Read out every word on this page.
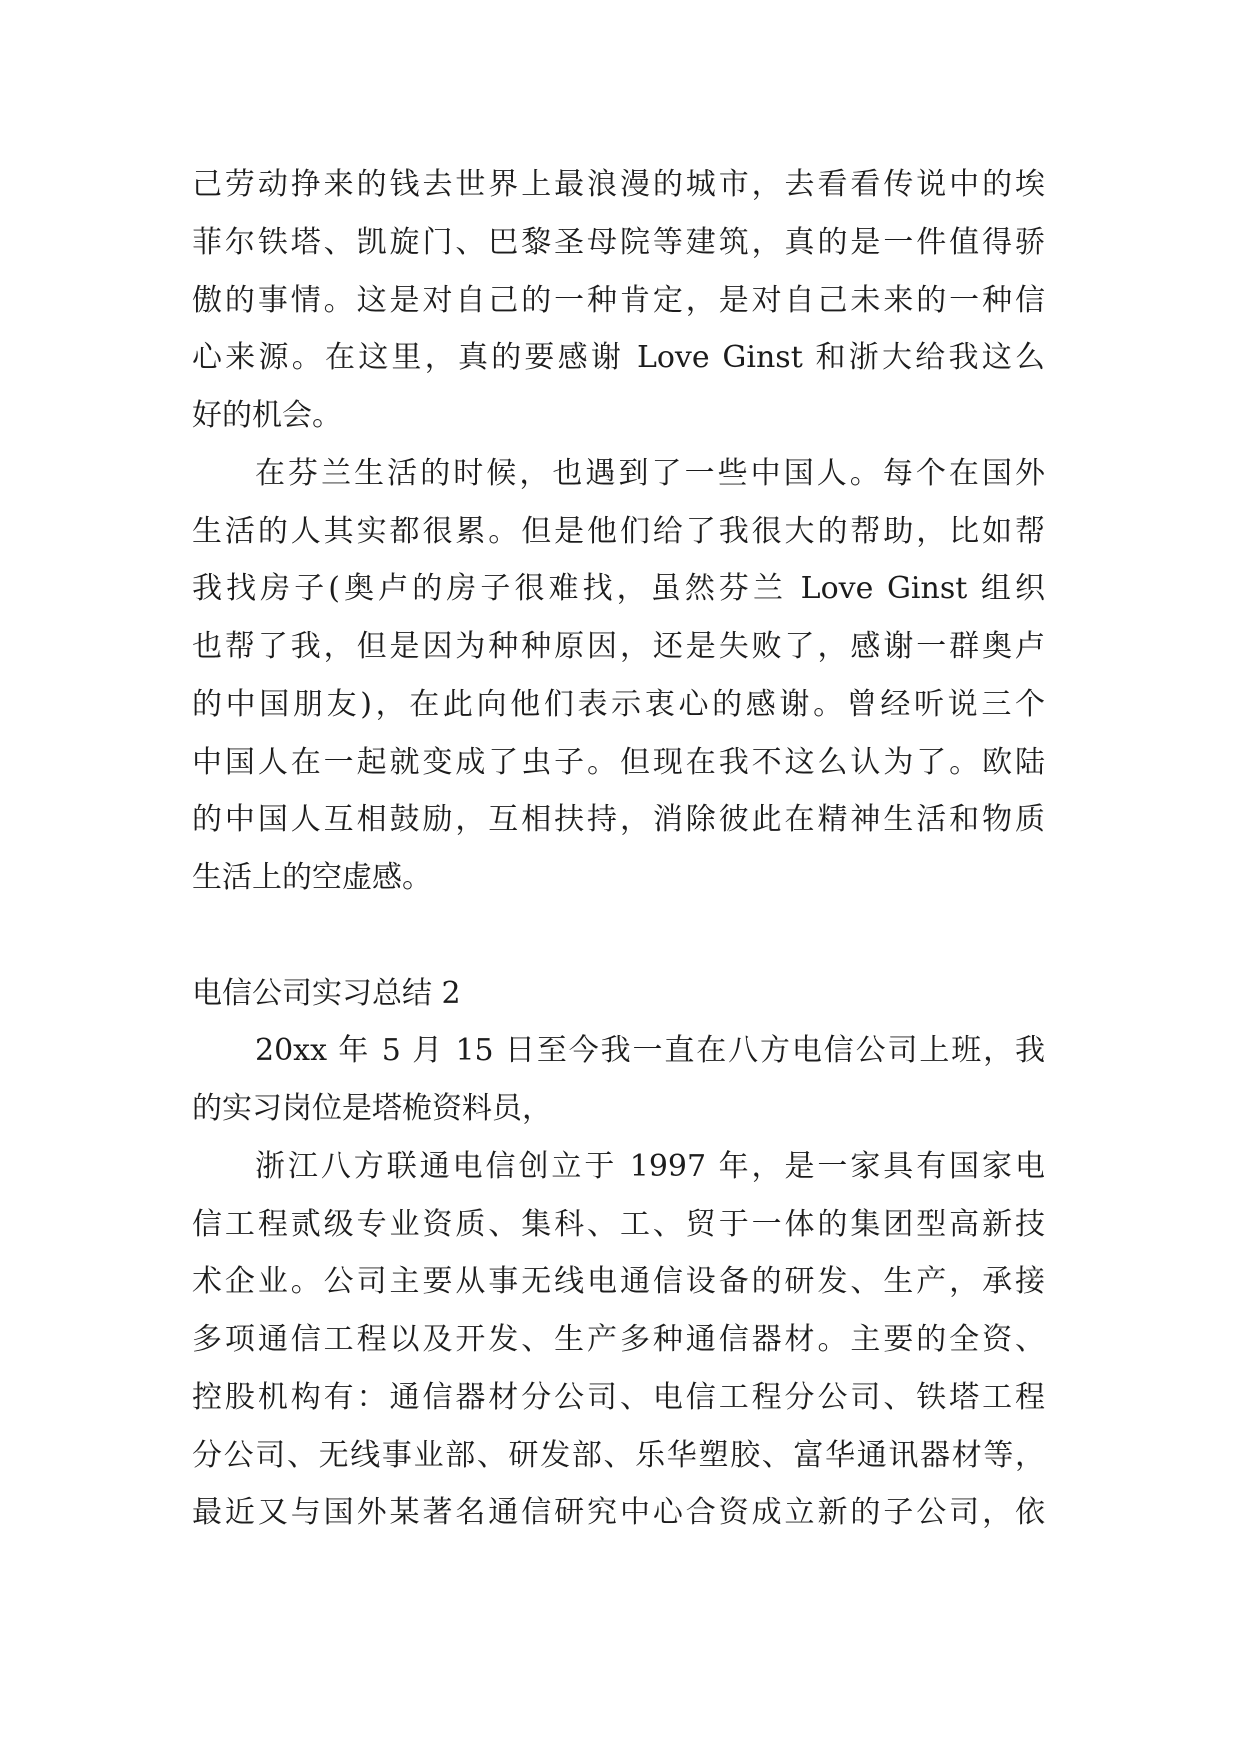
己劳动挣来的钱去世界上最浪漫的城市，去看看传说中的埃
菲尔铁塔、凯旋门、巴黎圣母院等建筑，真的是一件值得骄
傲的事情。这是对自己的一种肯定，是对自己未来的一种信
心来源。在这里，真的要感谢 Love Ginst 和浙大给我这么
好的机会。
在芬兰生活的时候，也遇到了一些中国人。每个在国外
生活的人其实都很累。但是他们给了我很大的帮助，比如帮
我找房子(奥卢的房子很难找，虽然芬兰 Love Ginst 组织
也帮了我，但是因为种种原因，还是失败了，感谢一群奥卢
的中国朋友)，在此向他们表示衷心的感谢。曾经听说三个
中国人在一起就变成了虫子。但现在我不这么认为了。欧陆
的中国人互相鼓励，互相扶持，消除彼此在精神生活和物质
生活上的空虚感。
电信公司实习总结 2
20xx 年 5 月 15 日至今我一直在八方电信公司上班，我
的实习岗位是塔桅资料员，
浙江八方联通电信创立于 1997 年，是一家具有国家电
信工程贰级专业资质、集科、工、贸于一体的集团型高新技
术企业。公司主要从事无线电通信设备的研发、生产，承接
多项通信工程以及开发、生产多种通信器材。主要的全资、
控股机构有：通信器材分公司、电信工程分公司、铁塔工程
分公司、无线事业部、研发部、乐华塑胶、富华通讯器材等，
最近又与国外某著名通信研究中心合资成立新的子公司，依
